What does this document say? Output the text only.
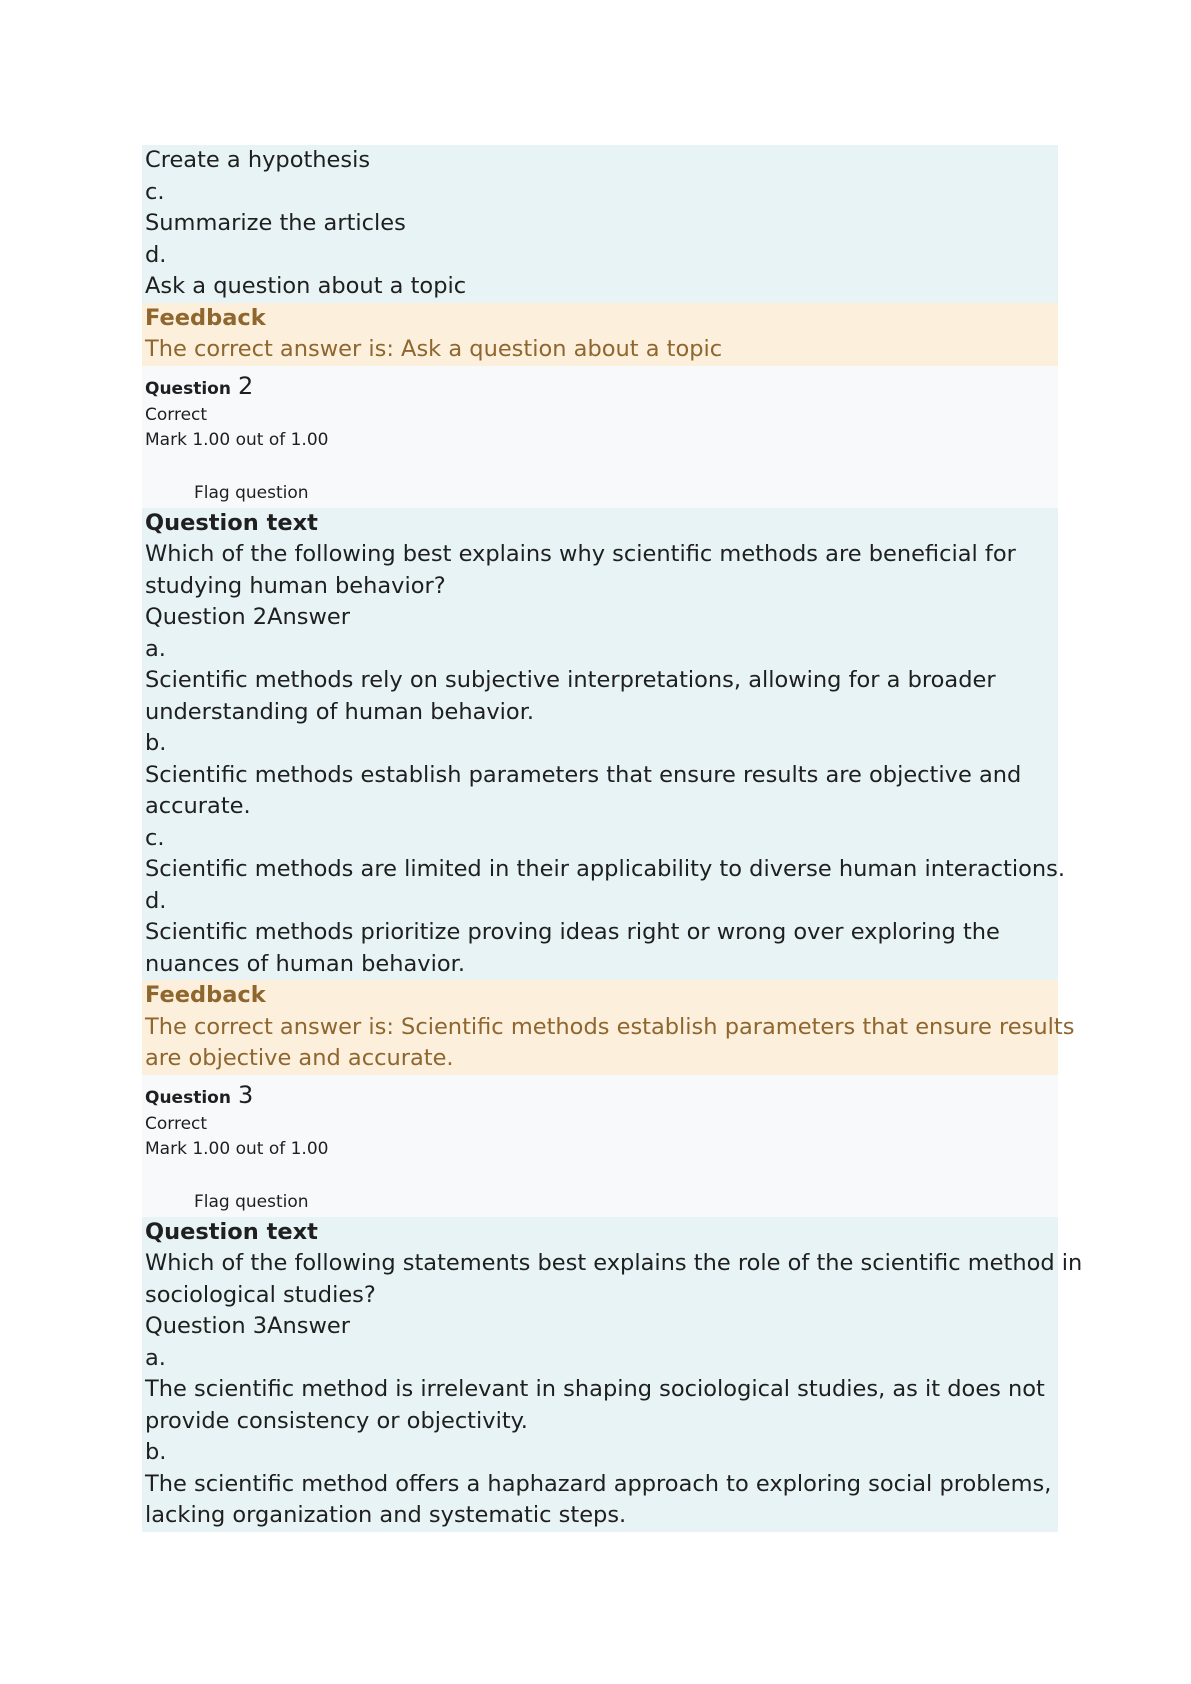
Create a hypothesis
c.
Summarize the articles
d.
Ask a question about a topic
Feedback
The correct answer is: Ask a question about a topic
Question 2
Correct
Mark 1.00 out of 1.00
Flag question
Question text
Which of the following best explains why scientific methods are beneficial for
studying human behavior?
Question 2Answer
a.
Scientific methods rely on subjective interpretations, allowing for a broader
understanding of human behavior.
b.
Scientific methods establish parameters that ensure results are objective and
accurate.
c.
Scientific methods are limited in their applicability to diverse human interactions.
d.
Scientific methods prioritize proving ideas right or wrong over exploring the
nuances of human behavior.
Feedback
The correct answer is: Scientific methods establish parameters that ensure results
are objective and accurate.
Question 3
Correct
Mark 1.00 out of 1.00
Flag question
Question text
Which of the following statements best explains the role of the scientific method in
sociological studies?
Question 3Answer
a.
The scientific method is irrelevant in shaping sociological studies, as it does not
provide consistency or objectivity.
b.
The scientific method offers a haphazard approach to exploring social problems,
lacking organization and systematic steps.
